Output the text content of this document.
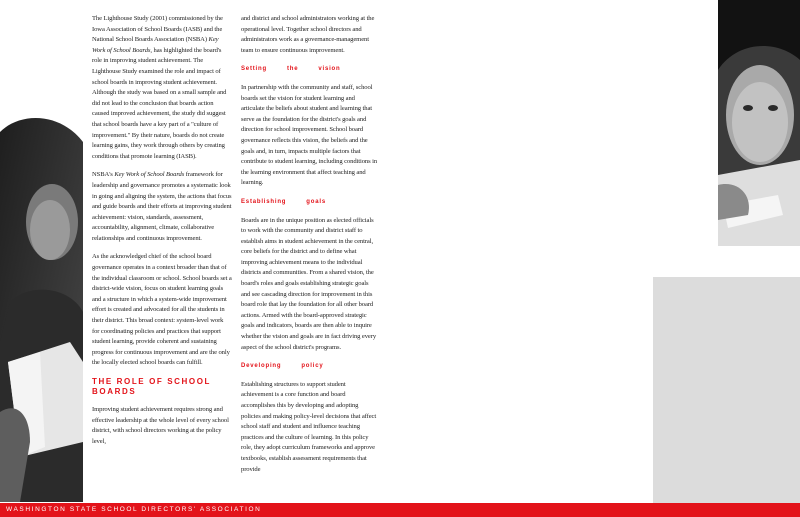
The Lighthouse Study (2001) commissioned by the Iowa Association of School Boards (IASB) and the National School Boards Association (NSBA) Key Work of School Boards, has highlighted the board's role in improving student achievement. The Lighthouse Study examined the role and impact of school boards in improving student achievement. Although the study was based on a small sample and did not lead to the conclusion that boards action caused improved achievement, the study did suggest that school boards have a key part of a "culture of improvement." By their nature, boards do not create learning gains, they work through others by creating conditions that promote learning (IASB).

NSBA's Key Work of School Boards framework for leadership and governance promotes a systematic look in going and aligning the system, the actions that focus and guide boards and their efforts at improving student achievement: vision, standards, assessment, accountability, alignment, climate, collaborative relationships and continuous improvement.

As the acknowledged chief of the school board governance operates in a context broader than that of the individual classroom or school. School boards set a district-wide vision, focus on student learning goals and a structure in which a system-wide improvement effort is created and advocated for all the students in their district. This broad context: system-level work for coordinating policies and practices that support student learning, provide coherent and sustaining progress for continuous improvement and are the only the locally elected school boards can fulfill.

THE ROLE OF SCHOOL BOARDS

Improving student achievement requires strong and effective leadership at the whole level of every school district, with school directors working at the policy level,

and district and school administrators working at the operational level. Together school directors and administrators work as a governance-management team to ensure continuous improvement.

Setting	the	vision

In partnership with the community and staff, school boards set the vision for student learning and articulate the beliefs about student and learning that serve as the foundation for the district's goals and direction for school improvement. School board governance reflects this vision, the beliefs and the goals and, in turn, impacts multiple factors that contribute to student learning, including conditions in the learning environment that affect teaching and learning.

Establishing	goals

Boards are in the unique position as elected officials to work with the community and district staff to establish aims in student achievement in the central, core beliefs for the district and to define what improving achievement means to the individual districts and communities. From a shared vision, the board's roles and goals establishing strategic goals and see cascading direction for improvement in this board role that lay the foundation for all other board actions. Armed with the board-approved strategic goals and indicators, boards are then able to inquire whether the vision and goals are in fact driving every aspect of the school district's programs.

Developing	policy

Establishing structures to support student achievement is a core function and board accomplishes this by developing and adopting policies and making policy-level decisions that affect school staff and student and influence teaching practices and the culture of learning. In this policy role, they adopt curriculum frameworks and approve textbooks, establish assessment requirements that provide

WASHINGTON STATE SCHOOL DIRECTORS' ASSOCIATION
